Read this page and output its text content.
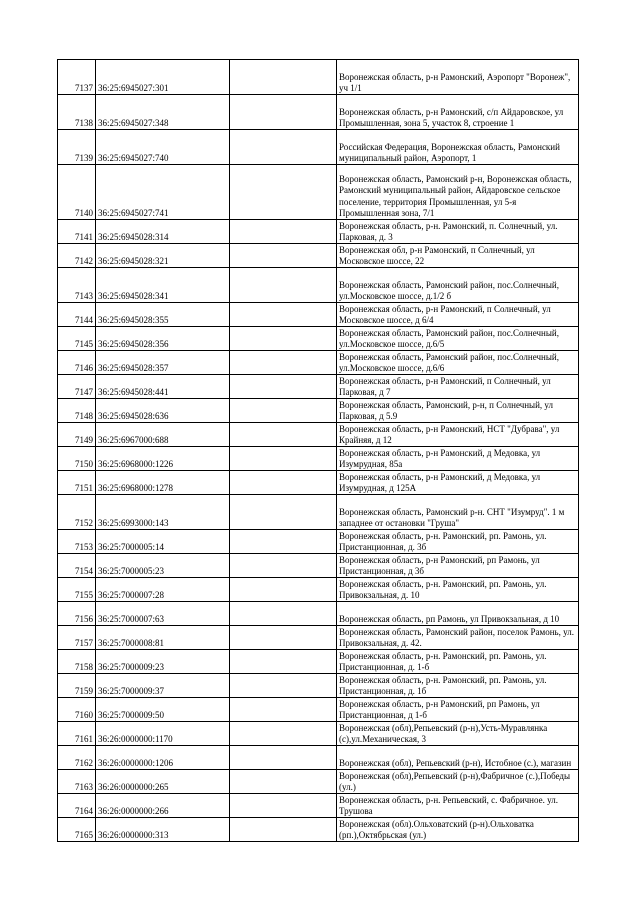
7137	36:25:6945027:301		Воронежская область, р-н Рамонский, Аэропорт "Воронеж", уч 1/1
7138	36:25:6945027:348		Воронежская область, р-н Рамонский, с/п Айдаровское, ул Промышленная, зона 5, участок 8, строение 1
7139	36:25:6945027:740		Российская Федерация, Воронежская область, Рамонский муниципальный район, Аэропорт, 1
7140	36:25:6945027:741		Воронежская область, Рамонский р-н, Воронежская область, Рамонский муниципальный район, Айдаровское сельское поселение, территория Промышленная, ул 5-я Промышленная зона, 7/1
7141	36:25:6945028:314		Воронежская область, р-н. Рамонский, п. Солнечный, ул. Парковая, д. 3
7142	36:25:6945028:321		Воронежская обл, р-н Рамонский, п Солнечный, ул Московское шоссе, 22
7143	36:25:6945028:341		Воронежская область, Рамонский район, пос.Солнечный, ул.Московское шоссе, д.1/2 б
7144	36:25:6945028:355		Воронежская область, р-н Рамонский, п Солнечный, ул Московское шоссе, д 6/4
7145	36:25:6945028:356		Воронежская область, Рамонский район, пос.Солнечный, ул.Московское шоссе, д.6/5
7146	36:25:6945028:357		Воронежская область, Рамонский район, пос.Солнечный, ул.Московское шоссе, д.6/6
7147	36:25:6945028:441		Воронежская область, р-н Рамонский, п Солнечный, ул Парковая, д 7
7148	36:25:6945028:636		Воронежская область, Рамонский, р-н, п Солнечный, ул Парковая, д 5.9
7149	36:25:6967000:688		Воронежская область, р-н Рамонский, НСТ "Дубрава", ул Крайняя, д 12
7150	36:25:6968000:1226		Воронежская область, р-н Рамонский, д Медовка, ул Изумрудная, 85а
7151	36:25:6968000:1278		Воронежская область, р-н Рамонский, д Медовка, ул Изумрудная, д 125А
7152	36:25:6993000:143		Воронежская область, Рамонский р-н. СНТ "Изумруд". 1 м западнее от остановки "Груша"
7153	36:25:7000005:14		Воронежская область, р-н. Рамонский, рп. Рамонь, ул. Пристанционная, д. 3б
7154	36:25:7000005:23		Воронежская область, р-н Рамонский, рп Рамонь, ул Пристанционная, д 3б
7155	36:25:7000007:28		Воронежская область, р-н. Рамонский, рп. Рамонь, ул. Привокзальная, д. 10
7156	36:25:7000007:63		Воронежская область, рп Рамонь, ул Привокзальная, д 10
7157	36:25:7000008:81		Воронежская область, Рамонский район, поселок Рамонь, ул. Привокзальная, д. 42.
7158	36:25:7000009:23		Воронежская область, р-н. Рамонский, рп. Рамонь, ул. Пристанционная, д. 1-б
7159	36:25:7000009:37		Воронежская область, р-н. Рамонский, рп. Рамонь, ул. Пристанционная, д. 1б
7160	36:25:7000009:50		Воронежская область, р-н Рамонский, рп Рамонь, ул Пристанционная, д 1-б
7161	36:26:0000000:1170		Воронежская (обл),Репьевский (р-н),Усть-Муравлянка (с),ул.Механическая, 3
7162	36:26:0000000:1206		Воронежская (обл), Репьевский (р-н), Истобное (с.), магазин
7163	36:26:0000000:265		Воронежская (обл),Репьевский (р-н),Фабричное (с.),Победы (ул.)
7164	36:26:0000000:266		Воронежская область, р-н. Репьевский, с. Фабричное. ул. Трушова
7165	36:26:0000000:313		Воронежская (обл).Ольховатский (р-н).Ольховатка (рп.),Октябрьская (ул.)
